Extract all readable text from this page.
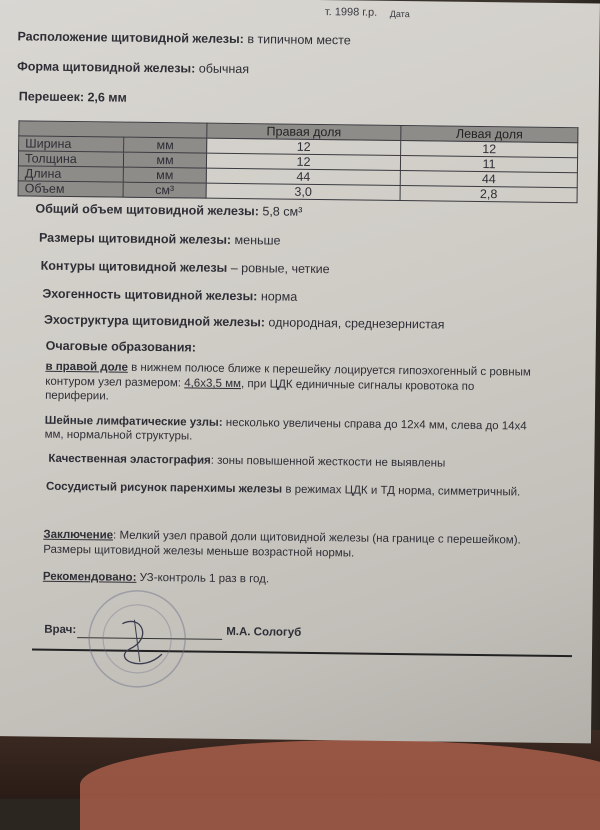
т. 1998 г.р. Дата
Расположение щитовидной железы: в типичном месте
Форма щитовидной железы: обычная
Перешеек: 2,6 мм
		Правая доля	Левая доля
Ширина	мм	12	12
Толщина	мм	12	11
Длина	мм	44	44
Объем	см³	3,0	2,8
Общий объем щитовидной железы: 5,8 см³
Размеры щитовидной железы: меньше
Контуры щитовидной железы – ровные, четкие
Эхогенность щитовидной железы: норма
Эхоструктура щитовидной железы: однородная, среднезернистая
Очаговые образования:
в правой доле в нижнем полюсе ближе к перешейку лоцируется гипоэхогенный с ровным
контуром узел размером: 4,6х3,5 мм, при ЦДК единичные сигналы кровотока по
периферии.
Шейные лимфатические узлы: несколько увеличены справа до 12х4 мм, слева до 14х4
мм, нормальной структуры.
Качественная эластография: зоны повышенной жесткости не выявлены
Сосудистый рисунок паренхимы железы в режимах ЦДК и ТД норма, симметричный.
Заключение: Мелкий узел правой доли щитовидной железы (на границе с перешейком).
Размеры щитовидной железы меньше возрастной нормы.
Рекомендовано: УЗ-контроль 1 раз в год.
Врач:	М.А. Сологуб
